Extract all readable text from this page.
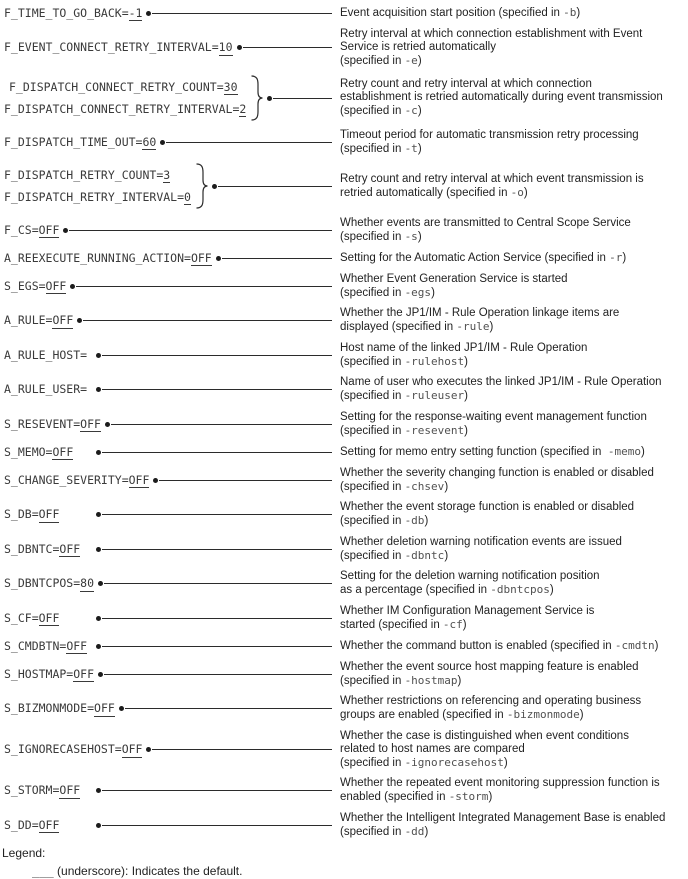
F_TIME_TO_GO_BACK=-1	Event acquisition start position (specified in -b)
F_EVENT_CONNECT_RETRY_INTERVAL=10
Retry interval at which connection establishment with Event
Service is retried automatically
(specified in -e)
F_DISPATCH_CONNECT_RETRY_COUNT=30
F_DISPATCH_CONNECT_RETRY_INTERVAL=2
Retry count and retry interval at which connection
establishment is retried automatically during event transmission
(specified in -c)
F_DISPATCH_TIME_OUT=60	Timeout period for automatic transmission retry processing
(specified in -t)
F_DISPATCH_RETRY_COUNT=3
F_DISPATCH_RETRY_INTERVAL=0
Retry count and retry interval at which event transmission is
retried automatically (specified in -o)
F_CS=OFF	Whether events are transmitted to Central Scope Service
(specified in -s)
A_REEXECUTE_RUNNING_ACTION=OFF	Setting for the Automatic Action Service (specified in -r)
S_EGS=OFF	Whether Event Generation Service is started
(specified in -egs)
A_RULE=OFF	Whether the JP1/IM - Rule Operation linkage items are
displayed (specified in -rule)
A_RULE_HOST=	Host name of the linked JP1/IM - Rule Operation
(specified in -rulehost)
A_RULE_USER=	Name of user who executes the linked JP1/IM - Rule Operation
(specified in -ruleuser)
S_RESEVENT=OFF	Setting for the response-waiting event management function
(specified in -resevent)
S_MEMO=OFF	Setting for memo entry setting function (specified in  -memo)
S_CHANGE_SEVERITY=OFF	Whether the severity changing function is enabled or disabled
(specified in -chsev)
S_DB=OFF	Whether the event storage function is enabled or disabled
(specified in -db)
S_DBNTC=OFF	Whether deletion warning notification events are issued
(specified in -dbntc)
S_DBNTCPOS=80	Setting for the deletion warning notification position
as a percentage (specified in -dbntcpos)
S_CF=OFF	Whether IM Configuration Management Service is
started (specified in -cf)
S_CMDBTN=OFF	Whether the command button is enabled (specified in -cmdtn)
S_HOSTMAP=OFF	Whether the event source host mapping feature is enabled
(specified in -hostmap)
S_BIZMONMODE=OFF	Whether restrictions on referencing and operating business
groups are enabled (specified in -bizmonmode)
S_IGNORECASEHOST=OFF
Whether the case is distinguished when event conditions
related to host names are compared
(specified in -ignorecasehost)
S_STORM=OFF	Whether the repeated event monitoring suppression function is
enabled (specified in -storm)
S_DD=OFF	Whether the Intelligent Integrated Management Base is enabled
(specified in -dd)
Legend:
___ (underscore): Indicates the default.
